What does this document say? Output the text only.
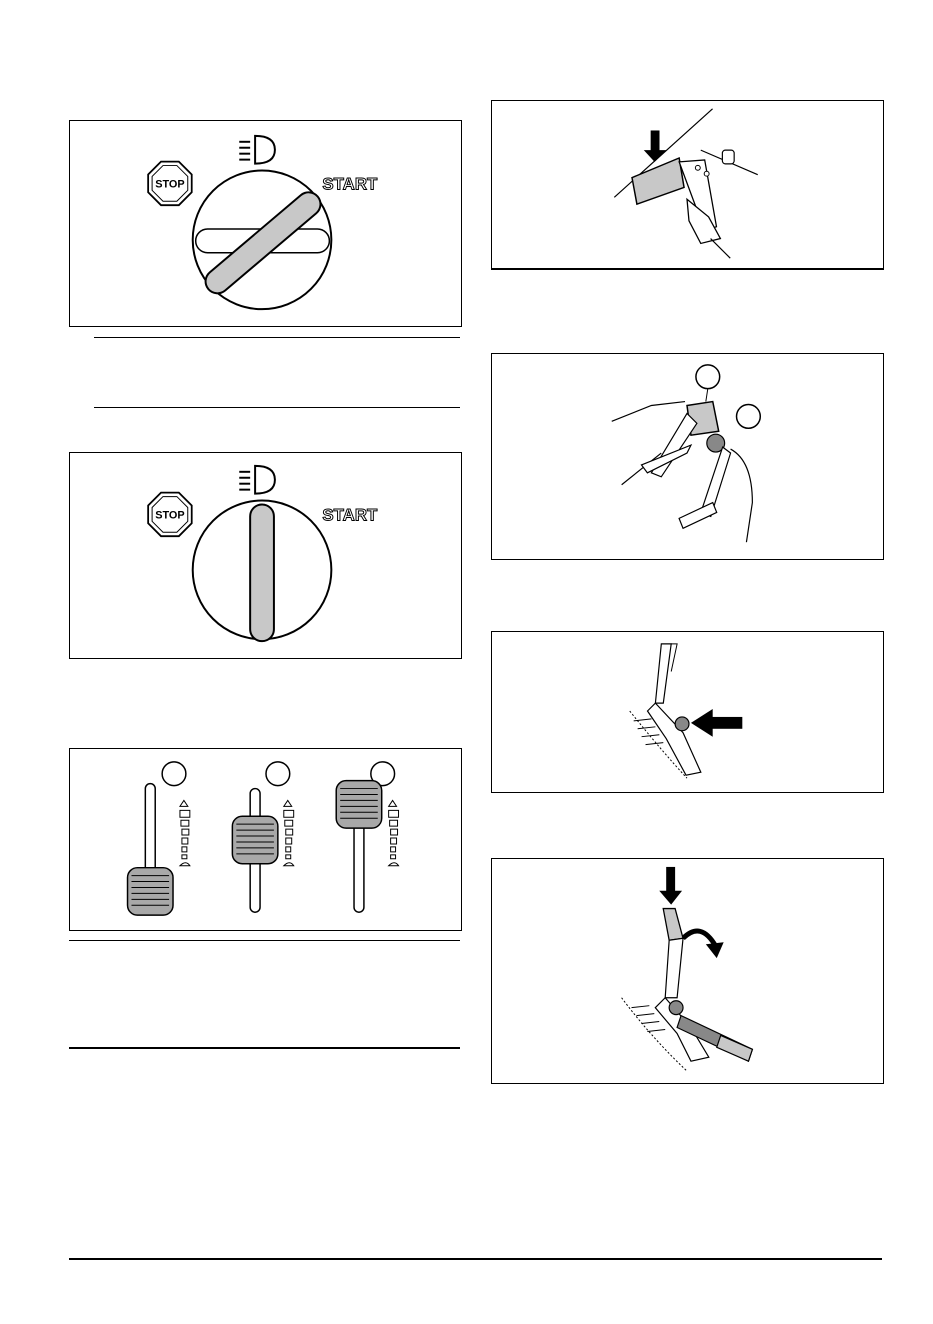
STOP	START
STOP	START
